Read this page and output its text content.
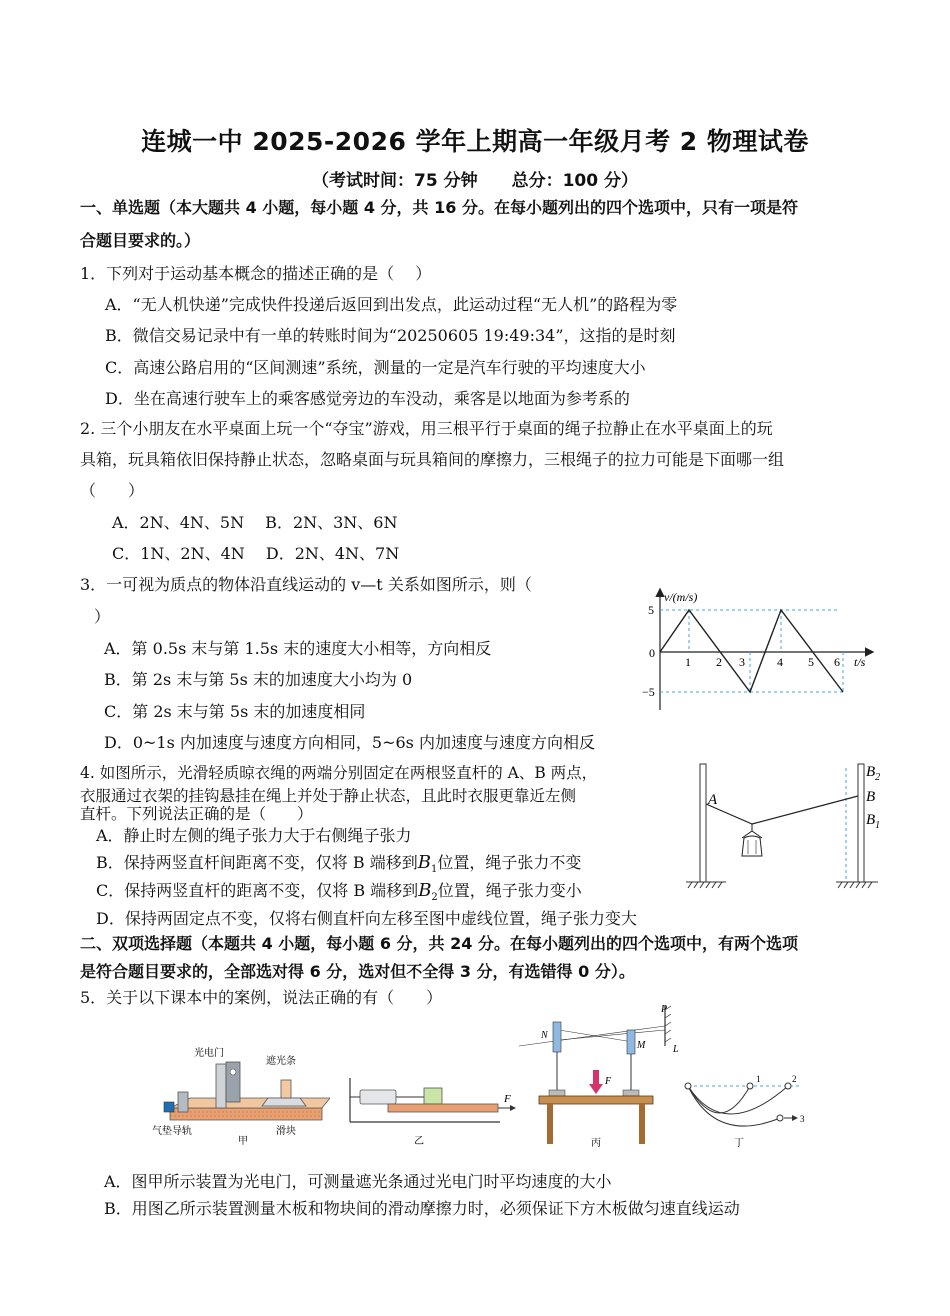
连城一中 2025-2026 学年上期高一年级月考 2 物理试卷
（考试时间：75 分钟　　总分：100 分）
一、单选题（本大题共 4 小题，每小题 4 分，共 16 分。在每小题列出的四个选项中，只有一项是符
合题目要求的。）
1．下列对于运动基本概念的描述正确的是（　 ）
A．“无人机快递”完成快件投递后返回到出发点，此运动过程“无人机”的路程为零
B．微信交易记录中有一单的转账时间为“20250605 19:49:34”，这指的是时刻
C．高速公路启用的“区间测速”系统，测量的一定是汽车行驶的平均速度大小
D．坐在高速行驶车上的乘客感觉旁边的车没动，乘客是以地面为参考系的
2. 三个小朋友在水平桌面上玩一个“夺宝”游戏，用三根平行于桌面的绳子拉静止在水平桌面上的玩
具箱，玩具箱依旧保持静止状态，忽略桌面与玩具箱间的摩擦力，三根绳子的拉力可能是下面哪一组
（　　）
A．2N、4N、5N　 B．2N、3N、6N
C．1N、2N、4N　 D．2N、4N、7N
3．一可视为质点的物体沿直线运动的 v—t 关系如图所示，则（
）
A．第 0.5s 末与第 1.5s 末的速度大小相等，方向相反
B．第 2s 末与第 5s 末的加速度大小均为 0
C．第 2s 末与第 5s 末的加速度相同
D．0~1s 内加速度与速度方向相同，5~6s 内加速度与速度方向相反
v/(m/s)
t/s
0
5
−5
1 2 3	4 5 6
4. 如图所示，光滑轻质晾衣绳的两端分别固定在两根竖直杆的 A、B 两点，
衣服通过衣架的挂钩悬挂在绳上并处于静止状态，且此时衣服更靠近左侧
直杆。下列说法正确的是（　　）
A．静止时左侧的绳子张力大于右侧绳子张力
B．保持两竖直杆间距离不变，仅将 B 端移到$B_1$位置，绳子张力不变
C．保持两竖直杆的距离不变，仅将 B 端移到$B_2$位置，绳子张力变小
D．保持两固定点不变，仅将右侧直杆向左移至图中虚线位置，绳子张力变大
A
$B_2$
B
$B_1$
二、双项选择题（本题共 4 小题，每小题 6 分，共 24 分。在每小题列出的四个选项中，有两个选项
是符合题目要求的，全部选对得 6 分，选对但不全得 3 分，有选错得 0 分）。
5．关于以下课本中的案例，说法正确的有（　　）
光电门
遮光条
气垫导轨	滑块
甲
F
乙
P
L
N
M
F
丙
1	2
3
丁
A．图甲所示装置为光电门，可测量遮光条通过光电门时平均速度的大小
B．用图乙所示装置测量木板和物块间的滑动摩擦力时，必须保证下方木板做匀速直线运动
